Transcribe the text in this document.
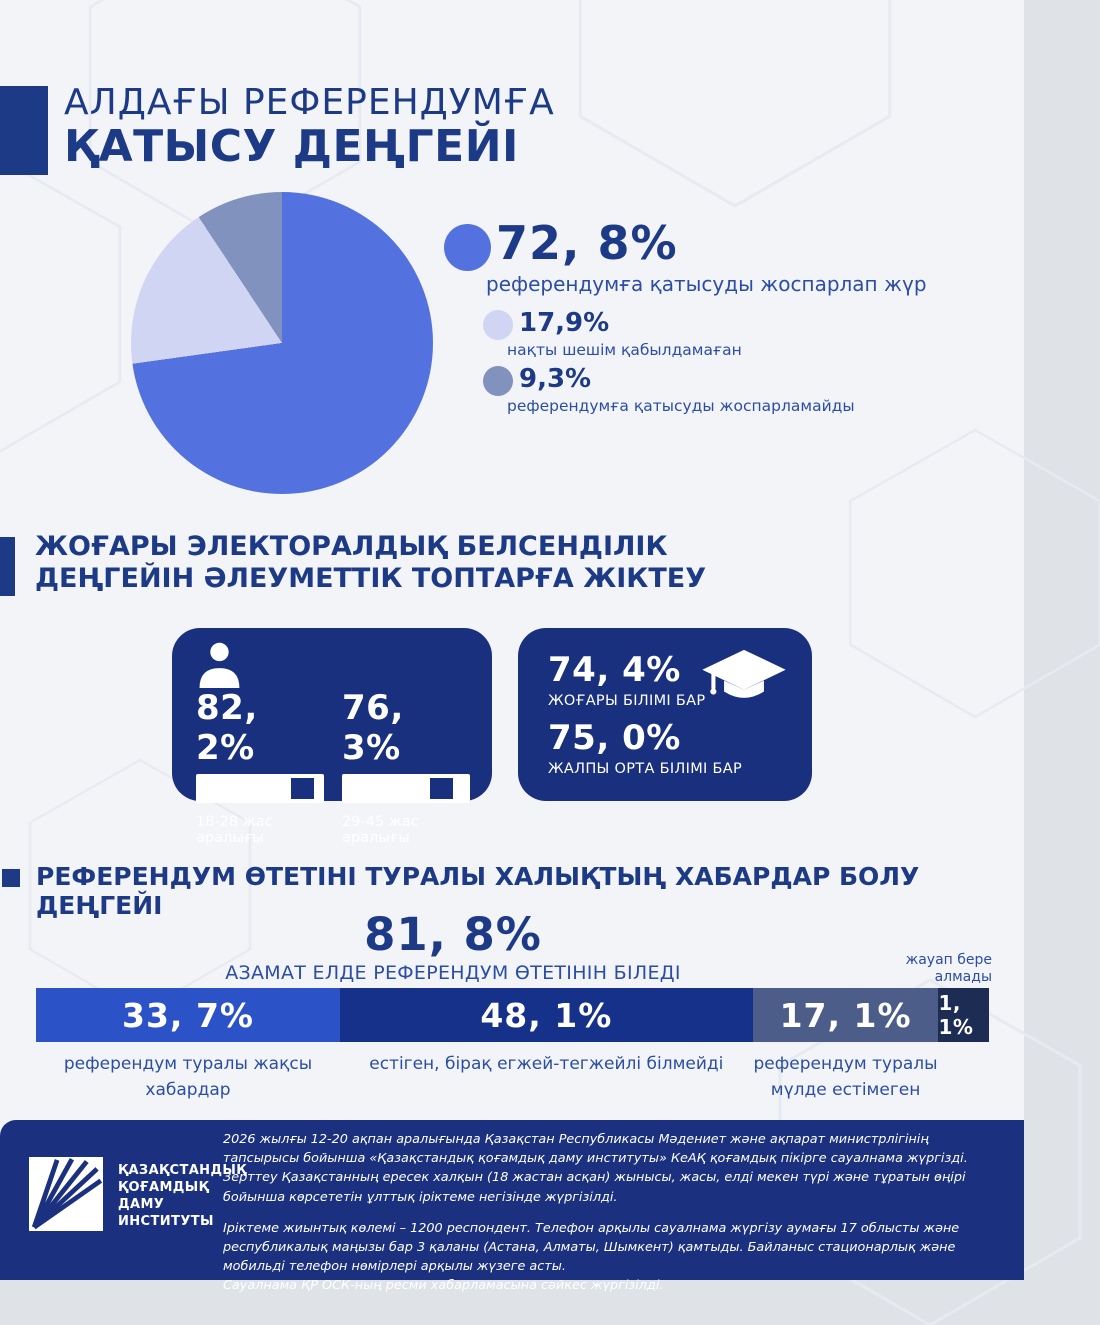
АЛДАҒЫ РЕФЕРЕНДУМҒА
ҚАТЫСУ ДЕҢГЕЙІ
72, 8%
референдумға қатысуды жоспарлап жүр
17,9%
нақты шешім қабылдамаған
9,3%
референдумға қатысуды жоспарламайды
ЖОҒАРЫ ЭЛЕКТОРАЛДЫҚ БЕЛСЕНДІЛІК
ДЕҢГЕЙІН ӘЛЕУМЕТТІК ТОПТАРҒА ЖІКТЕУ
82, 2%
18-28 жас аралығы
76, 3%
29-45 жас аралығы
74, 4%
ЖОҒАРЫ БІЛІМІ БАР
75, 0%
ЖАЛПЫ ОРТА БІЛІМІ БАР
РЕФЕРЕНДУМ ӨТЕТІНІ ТУРАЛЫ ХАЛЫҚТЫҢ ХАБАРДАР БОЛУ ДЕҢГЕЙІ
81, 8%
АЗАМАТ ЕЛДЕ РЕФЕРЕНДУМ ӨТЕТІНІН БІЛЕДІ
жауап бере алмады
33, 7%	48, 1%	17, 1% 1, 1%
референдум туралы жақсы хабардар
естіген, бірақ егжей-тегжейлі білмейді	референдум туралы мүлде естімеген
ҚАЗАҚСТАНДЫҚ
ҚОҒАМДЫҚ
ДАМУ
ИНСТИТУТЫ

2026 жылғы 12-20 ақпан аралығында Қазақстан Республикасы Мәдениет және ақпарат министрлігінің тапсырысы бойынша «Қазақстандық қоғамдық даму институты» КеАҚ қоғамдық пікірге сауалнама жүргізді. Зерттеу Қазақстанның ересек халқын (18 жастан асқан) жынысы, жасы, елді мекен түрі және тұратын өңірі бойынша көрсететін ұлттық іріктеме негізінде жүргізілді.

Іріктеме жиынтық көлемі – 1200 респондент. Телефон арқылы сауалнама жүргізу аумағы 17 облысты және республикалық маңызы бар 3 қаланы (Астана, Алматы, Шымкент) қамтыды. Байланыс стационарлық және мобильді телефон нөмірлері арқылы жүзеге асты.
Сауалнама ҚР ОСК-ның ресми хабарламасына сәйкес жүргізілді.
